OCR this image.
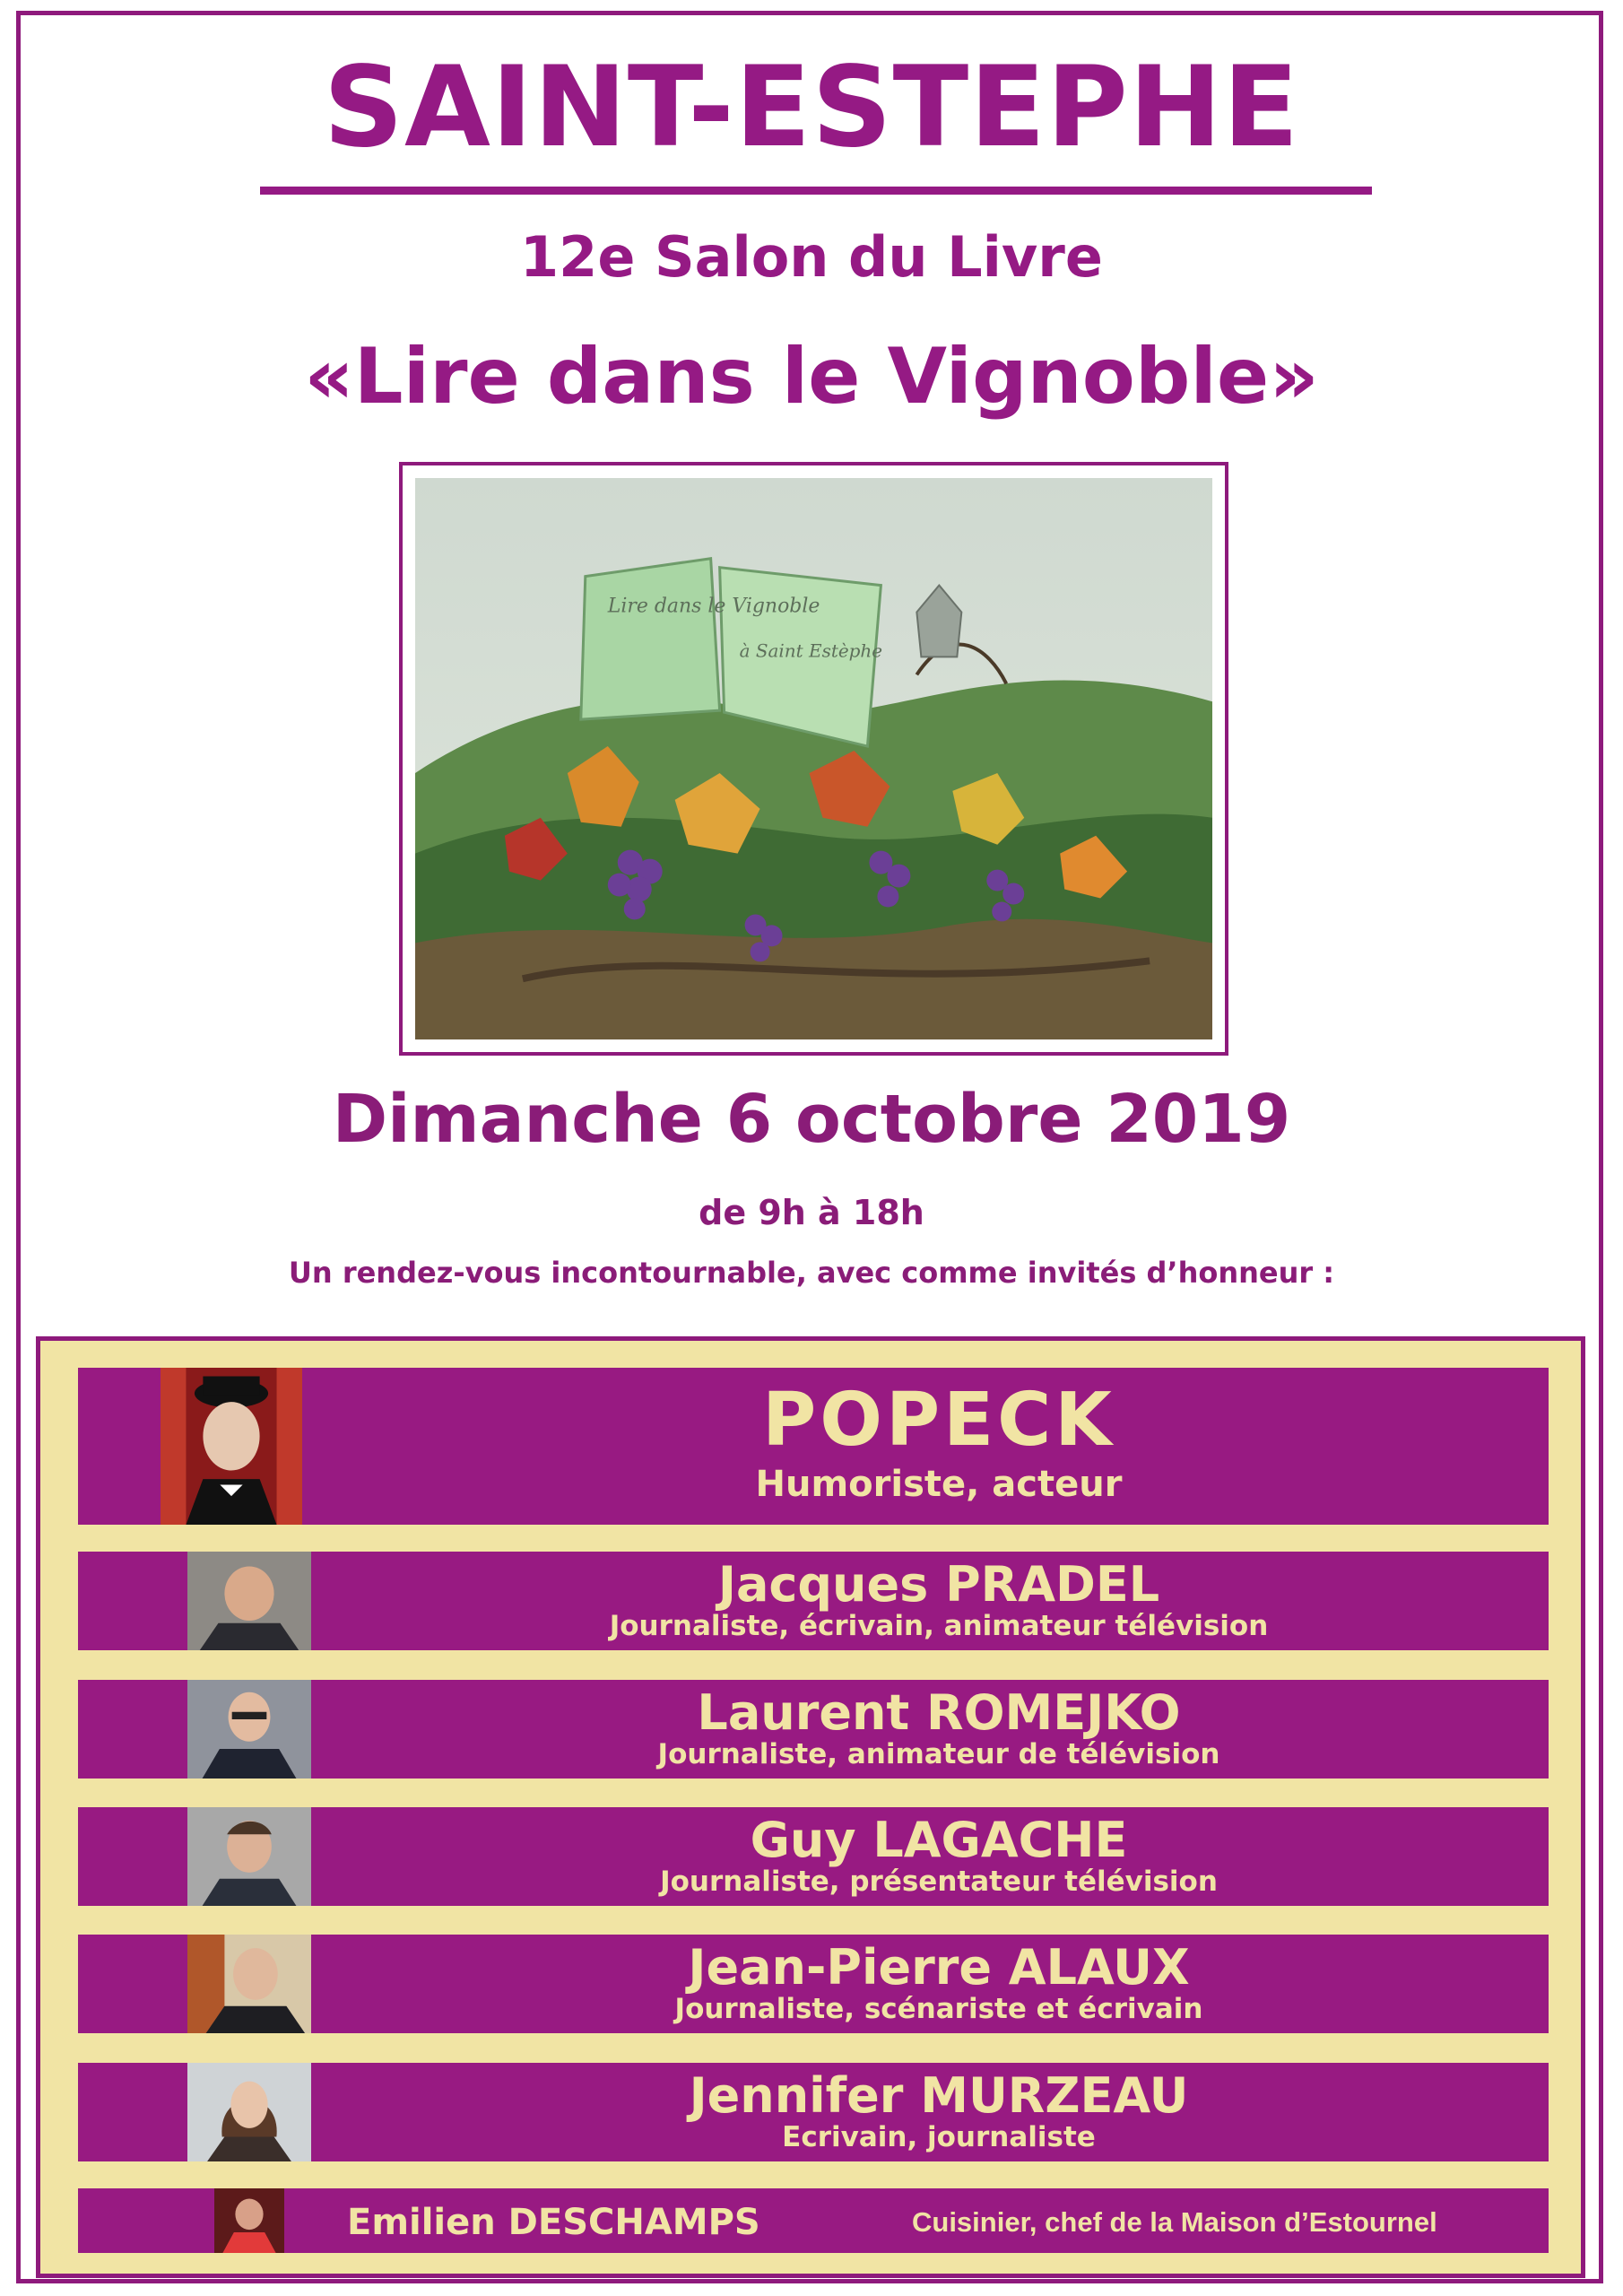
SAINT-ESTEPHE
12e Salon du Livre
«Lire dans le Vignoble»
Lire dans le Vignoble
à Saint Estèphe
Dimanche 6 octobre 2019
de 9h à 18h
Un rendez-vous incontournable, avec comme invités d’honneur :
POPECK
Humoriste, acteur
Jacques PRADEL
Journaliste, écrivain, animateur télévision
Laurent ROMEJKO
Journaliste, animateur de télévision
Guy LAGACHE
Journaliste, présentateur télévision
Jean-Pierre ALAUX
Journaliste, scénariste et écrivain
Jennifer MURZEAU
Ecrivain, journaliste
Emilien DESCHAMPS	Cuisinier, chef de la Maison d’Estournel
